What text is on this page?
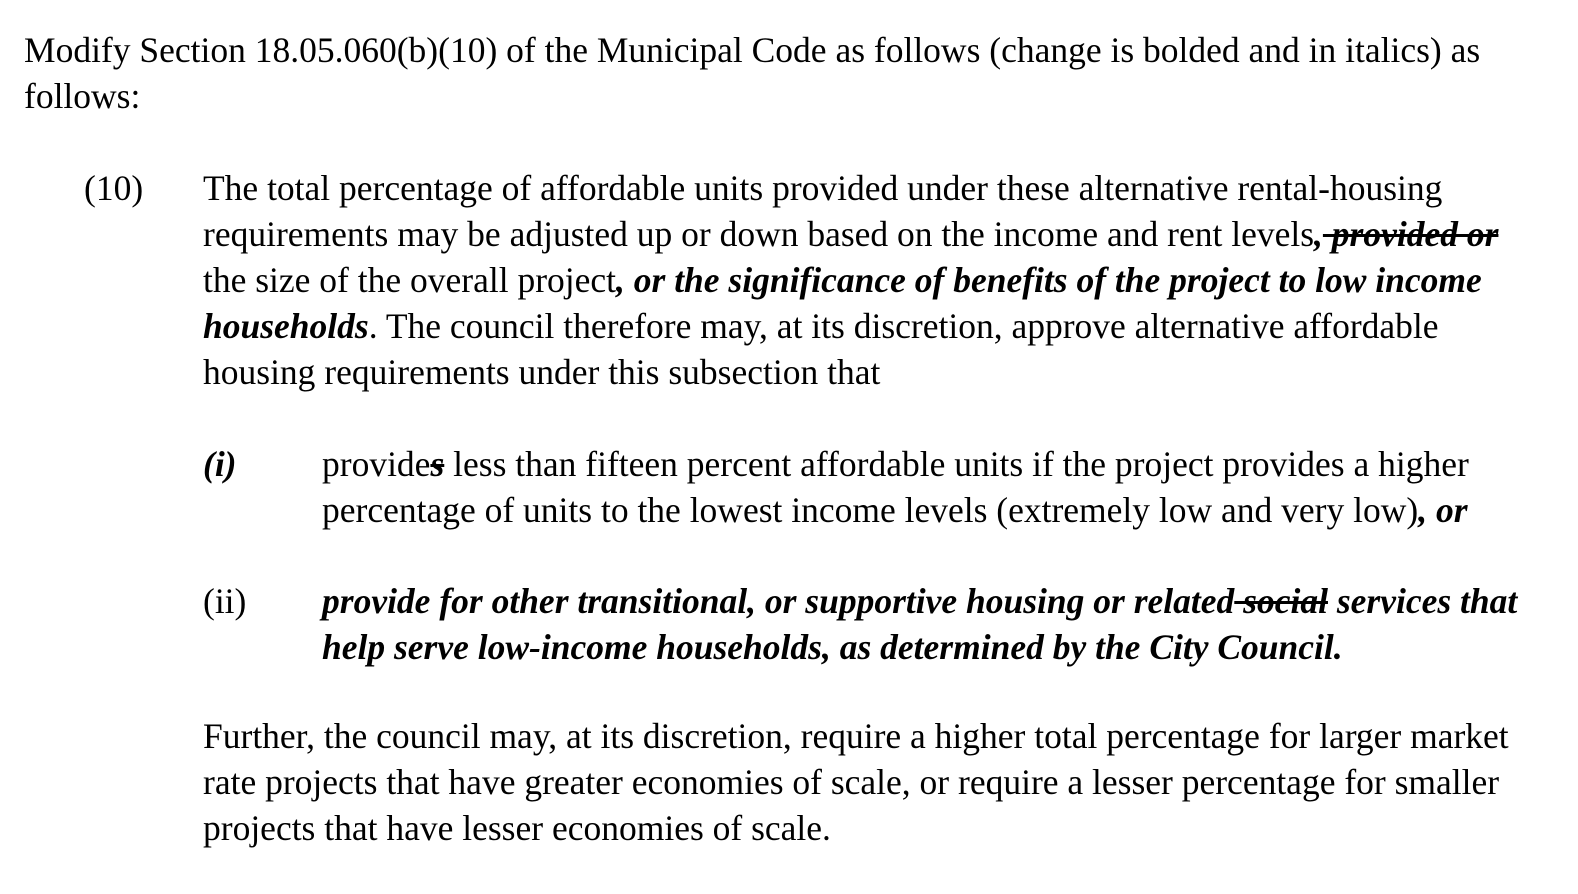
Modify Section 18.05.060(b)(10) of the Municipal Code as follows (change is bolded and in italics) as follows:

(10) The total percentage of affordable units provided under these alternative rental-housing requirements may be adjusted up or down based on the income and rent levels, provided or the size of the overall project, or the significance of benefits of the project to low income households. The council therefore may, at its discretion, approve alternative affordable housing requirements under this subsection that

(i) provides less than fifteen percent affordable units if the project provides a higher percentage of units to the lowest income levels (extremely low and very low), or

(ii) provide for other transitional, or supportive housing or related social services that help serve low-income households, as determined by the City Council.

Further, the council may, at its discretion, require a higher total percentage for larger market rate projects that have greater economies of scale, or require a lesser percentage for smaller projects that have lesser economies of scale.
